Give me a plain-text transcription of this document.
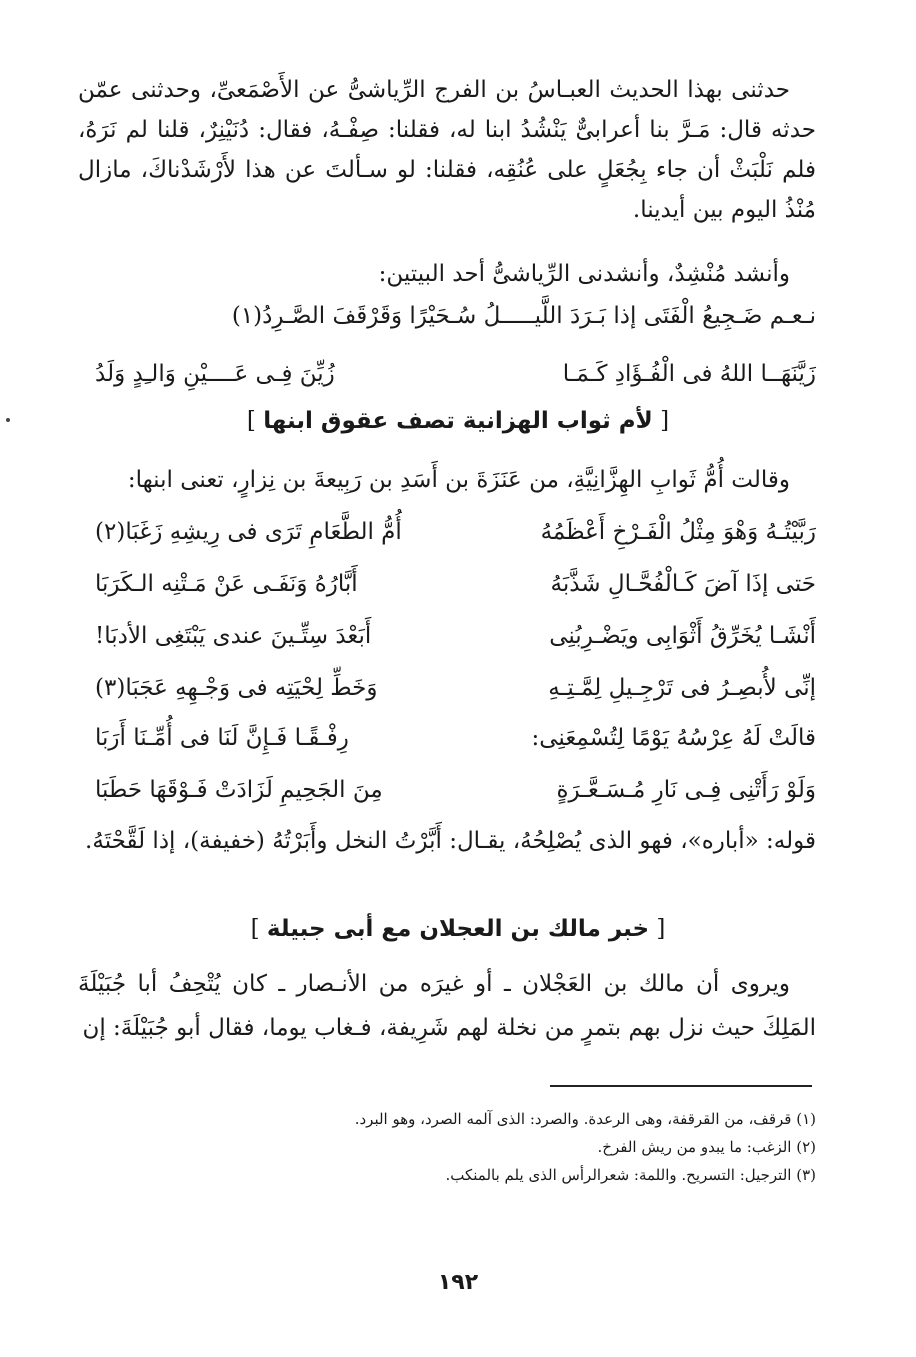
حدثنى بهذا الحديث العبـاسُ بن الفرج الرِّياشىُّ عن الأَصْمَعىِّ، وحدثنى عمّن حدثه قال: مَـرَّ بنا أعرابىٌّ يَنْشُدُ ابنا له، فقلنا: صِفْـهُ، فقال: دُنَيْنِرٌ، قلنا لم نَرَهُ، فلم نَلْبَثْ أن جاء بِجُعَلٍ على عُنُقِه، فقلنا: لو سـألتَ عن هذا لأَرْشَدْناكَ، مازال مُنْذُ اليوم بين أيدينا.
وأنشد مُنْشِدٌ، وأنشدنى الرِّياشىُّ أحد البيتين:
نـعـم ضَـجِيعُ الْفَتَى إذا بَـرَدَ اللَّيـــــلُ سُـحَيْرًا وَقَرْقَفَ الصَّـرِدُ(١)
زَيَّنَهَــا اللهُ فى الْفُـؤَادِ كَـمَـا
زُيِّنَ فِـى عَــــيْنِ وَالـِدٍ وَلَدُ
[ لأم ثواب الهزانية تصف عقوق ابنها ]
وقالت أُمُّ ثَوابِ الهِزَّانِيَّةِ، من عَنَزَةَ بن أَسَدِ بن رَبِيعةَ بن نِزارٍ، تعنى ابنها:
رَبَّيْتُـهُ وَهْوَ مِثْلُ الْفَـرْخِ أَعْظَمُهُ
أُمُّ الطَّعَامِ تَرَى فى رِيشِهِ زَغَبَا(٢)
حَتى إذَا آضَ كَـالْفُحَّـالِ شَذَّبَهُ
أَبَّارُهُ وَنَفَـى عَنْ مَـتْنِه الـكَرَبَا
أَنْشَـا يُخَرِّقُ أَثْوَابِى ويَضْـرِبُنِى
أَبَعْدَ سِتِّـينَ عندى يَبْتَغِى الأدبَا!
إنِّى لأُبصِـرُ فى تَرْجِـيلِ لِمَّـتِـهِ
وَخَطِّ لِحْيَتِه فى وَجْـهِهِ عَجَبَا(٣)
قالَتْ لَهُ عِرْسُهُ يَوْمًا لِتُسْمِعَنِى:
رِفْـقًـا فَـإِنَّ لَنَا فى أُمِّـنَا أَرَبَا
وَلَوْ رَأَتْنِى فِـى نَارِ مُـسَـعَّـرَةٍ
مِنَ الجَحِيمِ لَزَادَتْ فَـوْقَهَا حَطَبَا
قوله: «أباره»، فهو الذى يُصْلِحُهُ، يقـال: أَبَّرْتُ النخل وأَبَرْتُهُ (خفيفة)، إذا لَقَّحْتَهُ.
[ خبر مالك بن العجلان مع أبى جبيلة ]
ويروى أن مالك بن العَجْلان ـ أو غيرَه من الأنـصار ـ كان يُتْحِفُ أبا جُبَيْلَةَ المَلِكَ حيث نزل بهم بتمرٍ من نخلة لهم شَرِيفة، فـغاب يوما، فقال أبو جُبَيْلَةَ: إن
(١) قرقف، من القرقفة، وهى الرعدة. والصرد: الذى آلمه الصرد، وهو البرد.
(٢) الزغب: ما يبدو من ريش الفرخ.
(٣) الترجيل: التسريح. واللمة: شعرالرأس الذى يلم بالمنكب.
١٩٢
